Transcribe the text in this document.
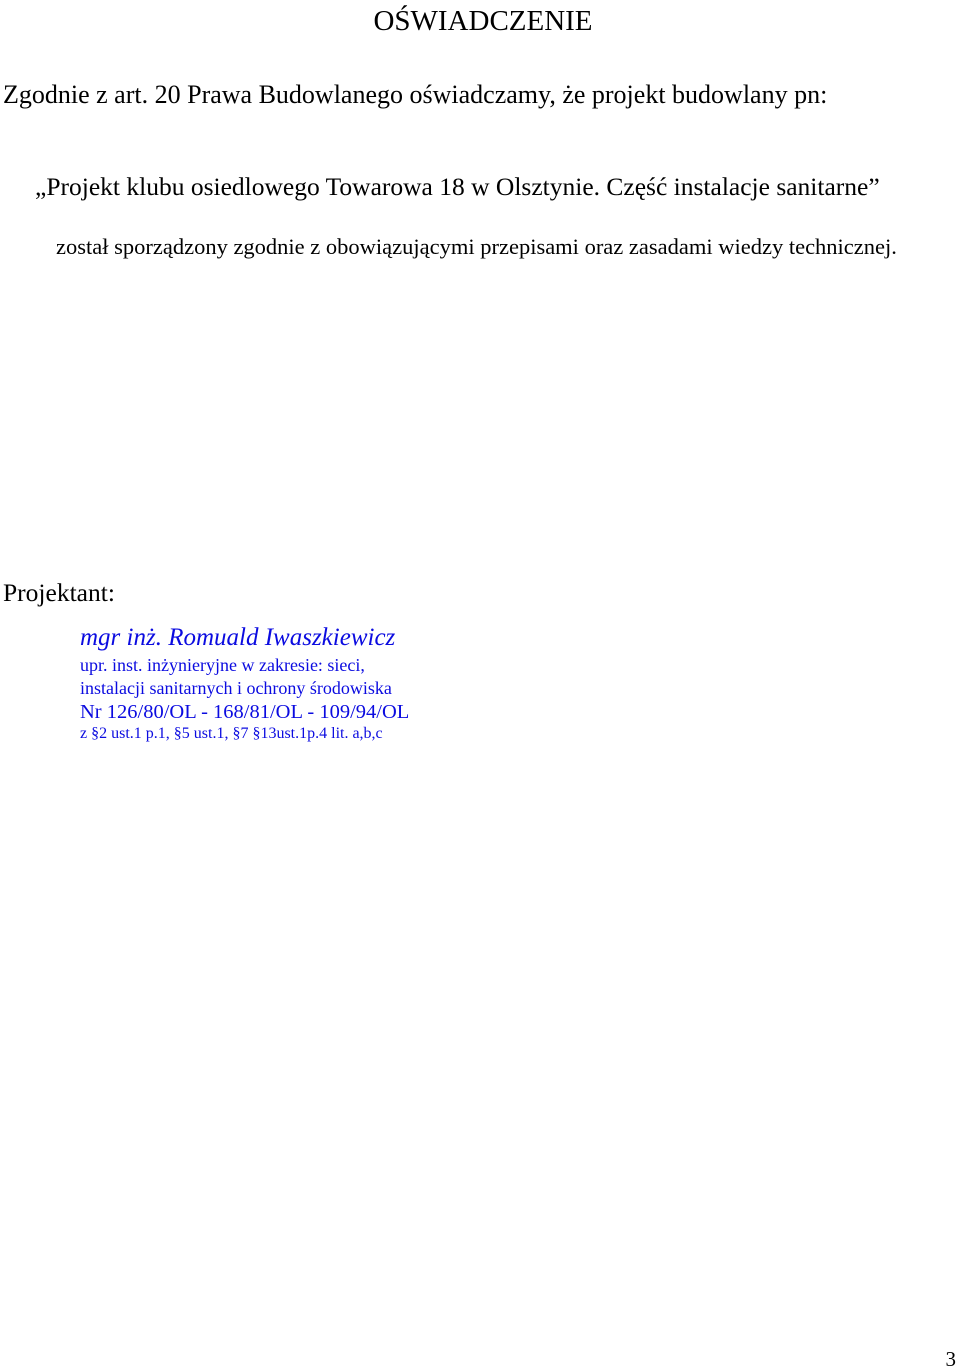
OŚWIADCZENIE
Zgodnie z art. 20 Prawa Budowlanego oświadczamy, że projekt budowlany pn:
„Projekt klubu osiedlowego Towarowa 18 w Olsztynie. Część instalacje sanitarne”
został sporządzony zgodnie z obowiązującymi przepisami oraz zasadami wiedzy technicznej.
Projektant:
mgr inż. Romuald Iwaszkiewicz
upr. inst. inżynieryjne w zakresie: sieci,
instalacji sanitarnych i ochrony środowiska
Nr 126/80/OL - 168/81/OL - 109/94/OL
z §2 ust.1 p.1, §5 ust.1, §7 §13ust.1p.4 lit. a,b,c
3
